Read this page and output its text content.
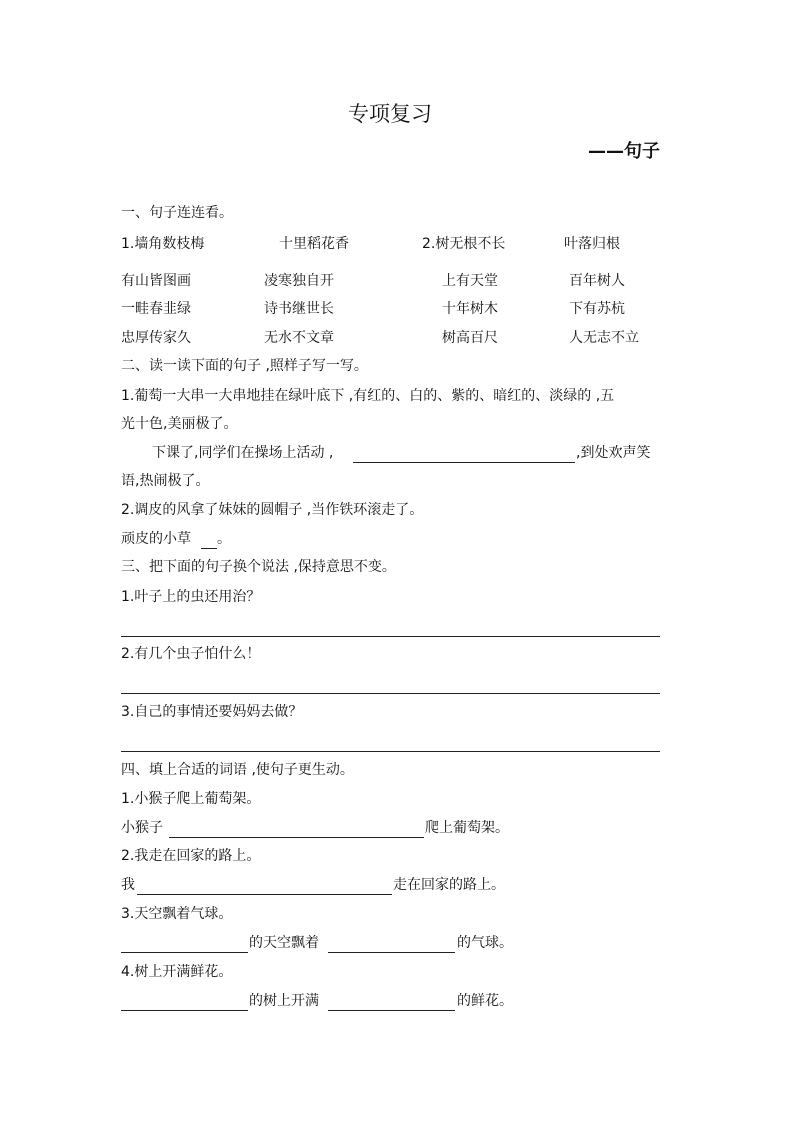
专项复习
——句子
一、句子连连看。
1.墙角数枝梅	十里稻花香	2.树无根不长	叶落归根
有山皆图画	凌寒独自开	上有天堂	百年树人
一畦春韭绿	诗书继世长	十年树木	下有苏杭
忠厚传家久	无水不文章	树高百尺	人无志不立
二、读一读下面的句子 ,照样子写一写。
1.葡萄一大串一大串地挂在绿叶底下 ,有红的、白的、紫的、暗红的、淡绿的 ,五
光十色,美丽极了。
下课了,同学们在操场上活动 ,	,到处欢声笑
语,热闹极了。
2.调皮的风拿了妹妹的圆帽子 ,当作铁环滚走了。
顽皮的小草 。
三、把下面的句子换个说法 ,保持意思不变。
1.叶子上的虫还用治？
2.有几个虫子怕什么！
3.自己的事情还要妈妈去做？
四、填上合适的词语 ,使句子更生动。
1.小猴子爬上葡萄架。
小猴子	爬上葡萄架。
2.我走在回家的路上。
我	走在回家的路上。
3.天空飘着气球。
的天空飘着	的气球。
4.树上开满鲜花。
的树上开满	的鲜花。
